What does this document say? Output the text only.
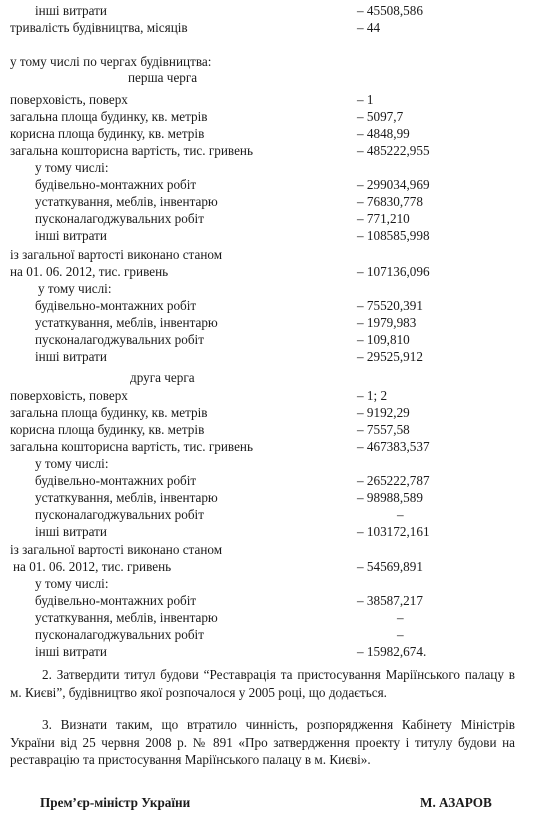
інші витрати	– 45508,586
тривалість будівництва, місяців	– 44
у тому числі по чергах будівництва:
перша черга
поверховість, поверх	– 1
загальна площа будинку, кв. метрів	– 5097,7
корисна площа будинку, кв. метрів	– 4848,99
загальна кошторисна вартість, тис. гривень	– 485222,955
у тому числі:
будівельно-монтажних робіт	– 299034,969
устаткування, меблів, інвентарю	– 76830,778
пусконалагоджувальних робіт	– 771,210
інші витрати	– 108585,998
із загальної вартості виконано станом
на 01. 06. 2012, тис. гривень	– 107136,096
у тому числі:
будівельно-монтажних робіт	– 75520,391
устаткування, меблів, інвентарю	– 1979,983
пусконалагоджувальних робіт	– 109,810
інші витрати	– 29525,912
друга черга
поверховість, поверх	– 1; 2
загальна площа будинку, кв. метрів	– 9192,29
корисна площа будинку, кв. метрів	– 7557,58
загальна кошторисна вартість, тис. гривень	– 467383,537
у тому числі:
будівельно-монтажних робіт	– 265222,787
устаткування, меблів, інвентарю	– 98988,589
пусконалагоджувальних робіт	–
інші витрати	– 103172,161
із загальної вартості виконано станом
на 01. 06. 2012, тис. гривень	– 54569,891
у тому числі:
будівельно-монтажних робіт	– 38587,217
устаткування, меблів, інвентарю	–
пусконалагоджувальних робіт	–
інші витрати	– 15982,674.
2. Затвердити титул будови “Реставрація та пристосування Маріїнського палацу в м. Києві”, будівництво якої розпочалося у 2005 році, що додається.
3. Визнати таким, що втратило чинність, розпорядження Кабінету Міністрів України від 25 червня 2008 р. № 891 «Про затвердження проекту і титулу будови на реставрацію та пристосування Маріїнського палацу в м. Києві».
Прем’єр-міністр України	М. АЗАРОВ
